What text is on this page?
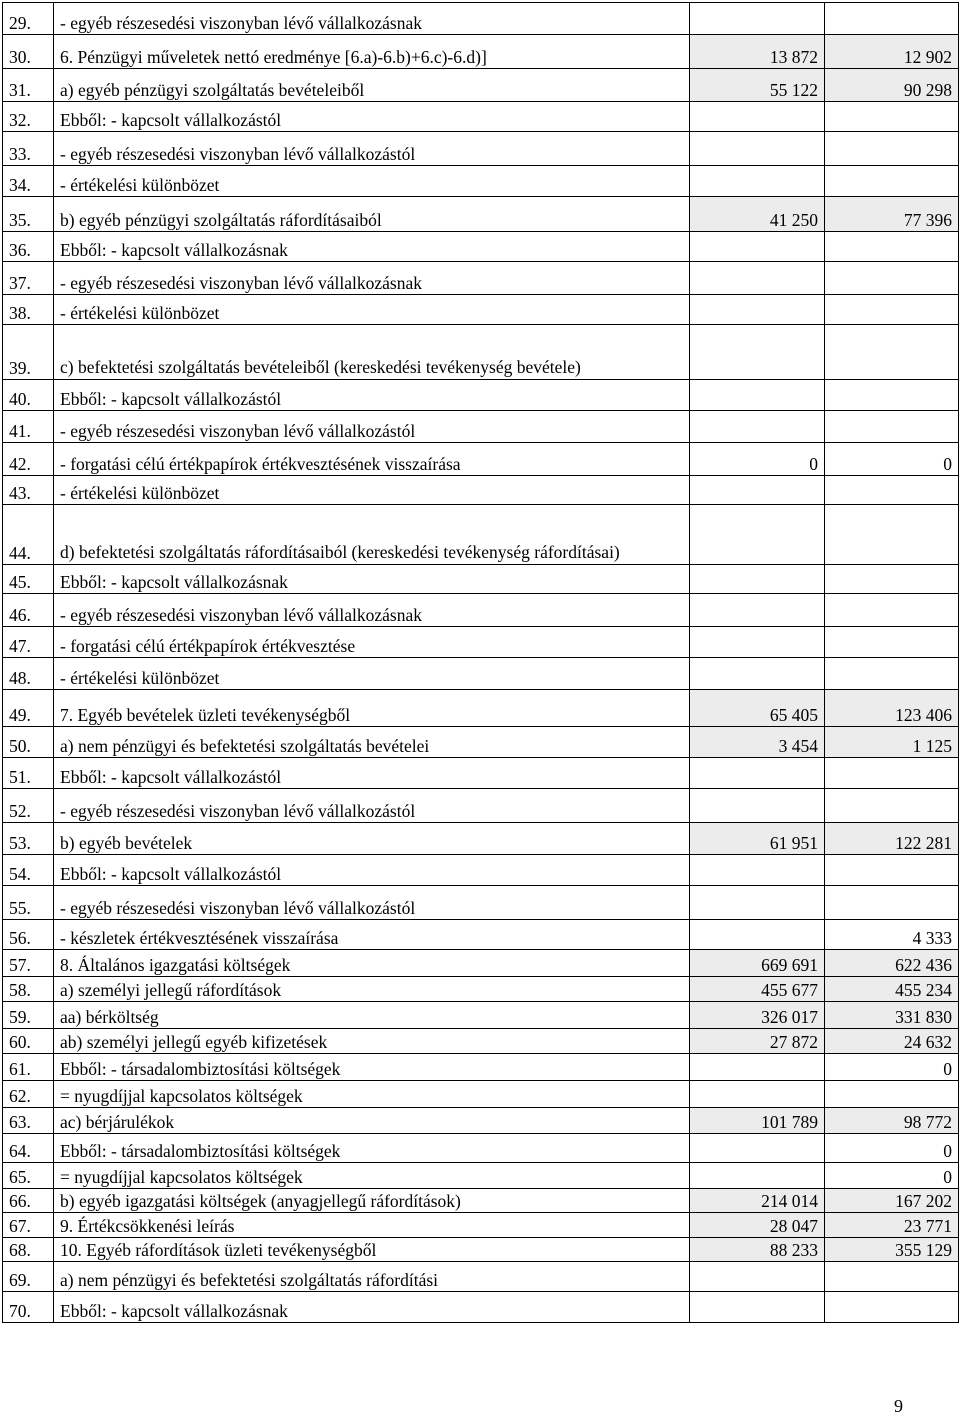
29.	- egyéb részesedési viszonyban lévő vállalkozásnak		
30.	6. Pénzügyi műveletek nettó eredménye [6.a)-6.b)+6.c)-6.d)]	13 872	12 902
31.	a) egyéb pénzügyi szolgáltatás bevételeiből	55 122	90 298
32.	Ebből: - kapcsolt vállalkozástól		
33.	- egyéb részesedési viszonyban lévő vállalkozástól		
34.	- értékelési különbözet		
35.	b) egyéb pénzügyi szolgáltatás ráfordításaiból	41 250	77 396
36.	Ebből: - kapcsolt vállalkozásnak		
37.	- egyéb részesedési viszonyban lévő vállalkozásnak		
38.	- értékelési különbözet		
39.	c) befektetési szolgáltatás bevételeiből (kereskedési tevékenység bevétele)		
40.	Ebből: - kapcsolt vállalkozástól		
41.	- egyéb részesedési viszonyban lévő vállalkozástól		
42.	- forgatási célú értékpapírok értékvesztésének visszaírása	0	0
43.	- értékelési különbözet		
44.	d) befektetési szolgáltatás ráfordításaiból (kereskedési tevékenység ráfordításai)		
45.	Ebből: - kapcsolt vállalkozásnak		
46.	- egyéb részesedési viszonyban lévő vállalkozásnak		
47.	- forgatási célú értékpapírok értékvesztése		
48.	- értékelési különbözet		
49.	7. Egyéb bevételek üzleti tevékenységből	65 405	123 406
50.	a) nem pénzügyi és befektetési szolgáltatás bevételei	3 454	1 125
51.	Ebből: - kapcsolt vállalkozástól		
52.	- egyéb részesedési viszonyban lévő vállalkozástól		
53.	b) egyéb bevételek	61 951	122 281
54.	Ebből: - kapcsolt vállalkozástól		
55.	- egyéb részesedési viszonyban lévő vállalkozástól		
56.	- készletek értékvesztésének visszaírása		4 333
57.	8. Általános igazgatási költségek	669 691	622 436
58.	a) személyi jellegű ráfordítások	455 677	455 234
59.	aa) bérköltség	326 017	331 830
60.	ab) személyi jellegű egyéb kifizetések	27 872	24 632
61.	Ebből: - társadalombiztosítási költségek		0
62.	= nyugdíjjal kapcsolatos költségek		
63.	ac) bérjárulékok	101 789	98 772
64.	Ebből: - társadalombiztosítási költségek		0
65.	= nyugdíjjal kapcsolatos költségek		0
66.	b) egyéb igazgatási költségek (anyagjellegű ráfordítások)	214 014	167 202
67.	9. Értékcsökkenési leírás	28 047	23 771
68.	10. Egyéb ráfordítások üzleti tevékenységből	88 233	355 129
69.	a) nem pénzügyi és befektetési szolgáltatás ráfordítási		
70.	Ebből: - kapcsolt vállalkozásnak		
9
